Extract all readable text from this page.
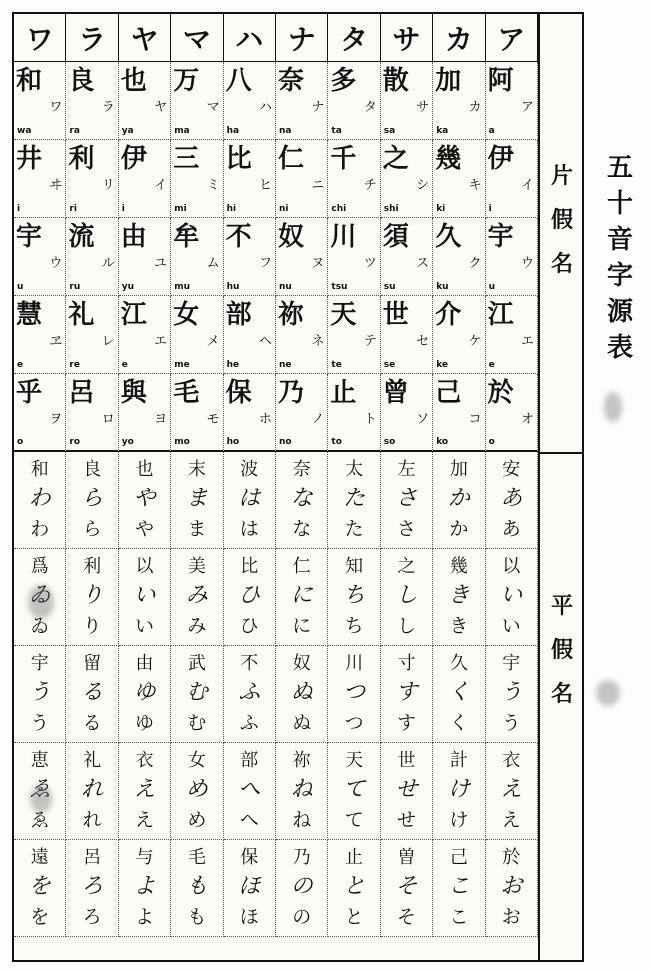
ワ ラ ヤ マ ハ ナ タ サ カ ア
和
ワ
wa
良
ラ
ra
也
ヤ
ya
万
マ
ma
八
ハ
ha
奈
ナ
na
多
タ
ta
散
サ
sa
加
カ
ka
阿
ア
a
井
ヰ
i
利
リ
ri
伊
イ
i
三
ミ
mi
比
ヒ
hi
仁
ニ
ni
千
チ
chi
之
シ
shi
幾
キ
ki
伊
イ
i
宇
ウ
u
流
ル
ru
由
ユ
yu
牟
ム
mu
不
フ
hu
奴
ヌ
nu
川
ツ
tsu
須
ス
su
久
ク
ku
宇
ウ
u
慧
ヱ
e
礼
レ
re
江
エ
e
女
メ
me
部
ヘ
he
祢
ネ
ne
天
テ
te
世
セ
se
介
ケ
ke
江
エ
e
乎
ヲ
o
呂
ロ
ro
與
ヨ
yo
毛
モ
mo
保
ホ
ho
乃
ノ
no
止
ト
to
曾
ソ
so
己
コ
ko
於
オ
o
和
わ
わ
良
ら
ら
也
や
や
末
ま
ま
波
は
は
奈
な
な
太
た
た
左
さ
さ
加
か
か
安
あ
あ
爲
ゐ
ゐ
利
り
り
以
い
い
美
み
み
比
ひ
ひ
仁
に
に
知
ち
ち
之
し
し
幾
き
き
以
い
い
宇
う
う
留
る
る
由
ゆ
ゆ
武
む
む
不
ふ
ふ
奴
ぬ
ぬ
川
つ
つ
寸
す
す
久
く
く
宇
う
う
恵
ゑ
ゑ
礼
れ
れ
衣
え
え
女
め
め
部
へ
へ
祢
ね
ね
天
て
て
世
せ
せ
計
け
け
衣
え
え
遠
を
を
呂
ろ
ろ
与
よ
よ
毛
も
も
保
ほ
ほ
乃
の
の
止
と
と
曽
そ
そ
己
こ
こ
於
お
お
片
假
名
平
假
名
五
十
音
字
源
表
